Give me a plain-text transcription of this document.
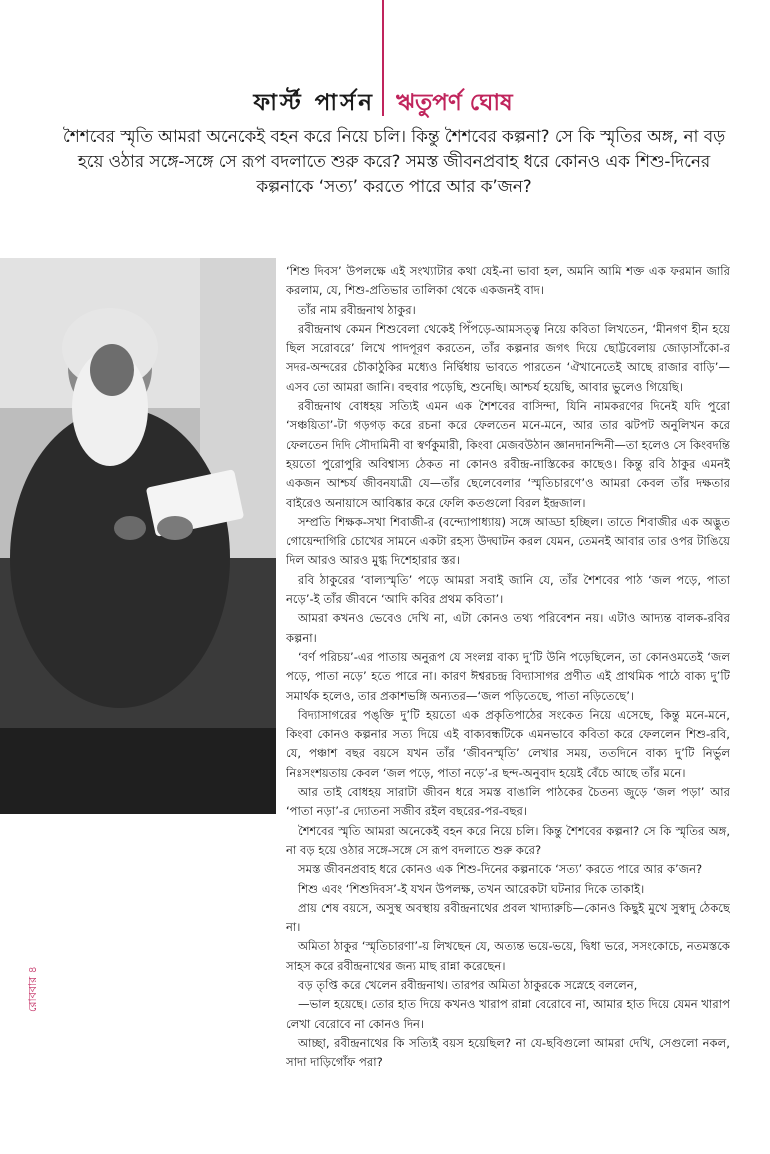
ফার্স্ট পার্সন ঋতুপর্ণ ঘোষ
শৈশবের স্মৃতি আমরা অনেকেই বহন করে নিয়ে চলি। কিন্তু শৈশবের কল্পনা? সে কি স্মৃতির অঙ্গ, না বড় হয়ে ওঠার সঙ্গে-সঙ্গে সে রূপ বদলাতে শুরু করে? সমস্ত জীবনপ্রবাহ ধরে কোনও এক শিশু-দিনের কল্পনাকে ‘সত্য’ করতে পারে আর ক’জন?

‘শিশু দিবস’ উপলক্ষে এই সংখ্যাটার কথা যেই-না ভাবা হল, অমনি আমি শক্ত এক ফরমান জারি করলাম, যে, শিশু-প্রতিভার তালিকা থেকে একজনই বাদ।

তাঁর নাম রবীন্দ্রনাথ ঠাকুর।

রবীন্দ্রনাথ কেমন শিশুবেলা থেকেই পিঁপড়ে-আমসত্ত্ব নিয়ে কবিতা লিখতেন, ‘মীনগণ হীন হয়ে ছিল সরোবরে’ লিখে পাদপূরণ করতেন, তাঁর কল্পনার জগৎ দিয়ে ছোট্টবেলায় জোড়াসাঁকো-র সদর-অন্দরের চৌকাঠুকির মধ্যেও নির্দ্বিধায় ভাবতে পারতেন ‘ঐখানেতেই আছে রাজার বাড়ি’—এসব তো আমরা জানি। বহুবার পড়েছি, শুনেছি। আশ্চর্য হয়েছি, আবার ভুলেও গিয়েছি।

রবীন্দ্রনাথ বোধহয় সত্যিই এমন এক শৈশবের বাসিন্দা, যিনি নামকরণের দিনেই যদি পুরো ‘সঞ্চয়িতা’-টা গড়গড় করে রচনা করে ফেলতেন মনে-মনে, আর তার ঝটপট অনুলিখন করে ফেলতেন দিদি সৌদামিনী বা স্বর্ণকুমারী, কিংবা মেজবউঠান জ্ঞানদানন্দিনী—তা হলেও সে কিংবদন্তি হয়তো পুরোপুরি অবিশ্বাস্য ঠেকত না কোনও রবীন্দ্র-নাস্তিকের কাছেও। কিন্তু রবি ঠাকুর এমনই একজন আশ্চর্য জীবনযাত্রী যে—তাঁর ছেলেবেলার ‘স্মৃতিচারণে’ও আমরা কেবল তাঁর দক্ষতার বাইরেও অনায়াসে আবিষ্কার করে ফেলি কতগুলো বিরল ইন্দ্রজাল।

সম্প্রতি শিক্ষক-সখা শিবাজী-র (বন্দ্যোপাধ্যায়) সঙ্গে আড্ডা হচ্ছিল। তাতে শিবাজীর এক অদ্ভুত গোয়েন্দাগিরি চোখের সামনে একটা রহস্য উদ্ঘাটন করল যেমন, তেমনই আবার তার ওপর টাঙিয়ে দিল আরও আরও মুগ্ধ দিশেহারার স্তর।

রবি ঠাকুরের ‘বাল্যস্মৃতি’ পড়ে আমরা সবাই জানি যে, তাঁর শৈশবের পাঠ ‘জল পড়ে, পাতা নড়ে’-ই তাঁর জীবনে ‘আদি কবির প্রথম কবিতা’।

আমরা কখনও ভেবেও দেখি না, এটা কোনও তথ্য পরিবেশন নয়। এটাও আদ্যন্ত বালক-রবির কল্পনা।

‘বর্ণ পরিচয়’-এর পাতায় অনুরূপ যে সংলগ্ন বাক্য দু’টি উনি পড়েছিলেন, তা কোনওমতেই ‘জল পড়ে, পাতা নড়ে’ হতে পারে না। কারণ ঈশ্বরচন্দ্র বিদ্যাসাগর প্রণীত এই প্রাথমিক পাঠে বাক্য দু’টি সমার্থক হলেও, তার প্রকাশভঙ্গি অন্যতর—‘জল পড়িতেছে, পাতা নড়িতেছে’।

বিদ্যাসাগরের পঙ্‌ক্তি দু’টি হয়তো এক প্রকৃতিপাঠের সংকেত নিয়ে এসেছে, কিন্তু মনে-মনে, কিংবা কোনও কল্পনার সত্য দিয়ে এই বাক্যবন্ধটিকে এমনভাবে কবিতা করে ফেললেন শিশু-রবি, যে, পঞ্চাশ বছর বয়সে যখন তাঁর ‘জীবনস্মৃতি’ লেখার সময়, ততদিনে বাক্য দু’টি নির্ভুল নিঃসংশয়তায় কেবল ‘জল পড়ে, পাতা নড়ে’-র ছন্দ-অনুবাদ হয়েই বেঁচে আছে তাঁর মনে।

আর তাই বোধহয় সারাটা জীবন ধরে সমস্ত বাঙালি পাঠকের চৈতন্য জুড়ে ‘জল পড়া’ আর ‘পাতা নড়া’-র দ্যোতনা সজীব রইল বছরের-পর-বছর।

শৈশবের স্মৃতি আমরা অনেকেই বহন করে নিয়ে চলি। কিন্তু শৈশবের কল্পনা? সে কি স্মৃতির অঙ্গ, না বড় হয়ে ওঠার সঙ্গে-সঙ্গে সে রূপ বদলাতে শুরু করে?

সমস্ত জীবনপ্রবাহ ধরে কোনও এক শিশু-দিনের কল্পনাকে ‘সত্য’ করতে পারে আর ক’জন?

শিশু এবং ‘শিশুদিবস’-ই যখন উপলক্ষ, তখন আরেকটা ঘটনার দিকে তাকাই।

প্রায় শেষ বয়সে, অসুস্থ অবস্থায় রবীন্দ্রনাথের প্রবল খাদ্যারুচি—কোনও কিছুই মুখে সুস্বাদু ঠেকছে না।

অমিতা ঠাকুর ‘স্মৃতিচারণা’-য় লিখছেন যে, অত্যন্ত ভয়ে-ভয়ে, দ্বিধা ভরে, সসংকোচে, নতমস্তকে সাহস করে রবীন্দ্রনাথের জন্য মাছ রান্না করেছেন।

বড় তৃপ্তি করে খেলেন রবীন্দ্রনাথ। তারপর অমিতা ঠাকুরকে সস্নেহে বললেন,

—ভাল হয়েছে। তোর হাত দিয়ে কখনও খারাপ রান্না বেরোবে না, আমার হাত দিয়ে যেমন খারাপ লেখা বেরোবে না কোনও দিন।

আচ্ছা, রবীন্দ্রনাথের কি সত্যিই বয়স হয়েছিল? না যে-ছবিগুলো আমরা দেখি, সেগুলো নকল, সাদা দাড়িগোঁফ পরা?

রোববার ৪
